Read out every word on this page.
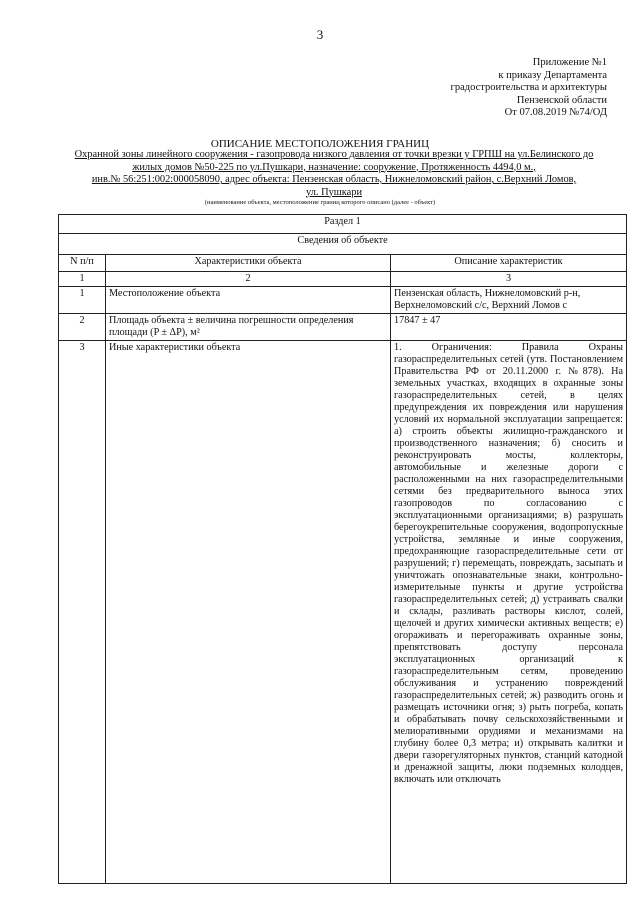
3
Приложение №1
к приказу Департамента
градостроительства и архитектуры
Пензенской области
От 07.08.2019 №74/ОД
ОПИСАНИЕ МЕСТОПОЛОЖЕНИЯ ГРАНИЦ
Охранной зоны линейного сооружения - газопровода низкого давления от точки врезки у ГРПШ на ул.Белинского до
жилых домов №50-225 по ул.Пушкари, назначение: сооружение, Протяженность 4494,0 м.,
инв.№ 56:251:002:000058090, адрес объекта: Пензенская область, Нижнеломовский район, с.Верхний Ломов,
ул. Пушкари
(наименование объекта, местоположение границ которого описано (далее - объект)
Раздел 1		
Сведения об объекте		
N п/п	Характеристики объекта	Описание характеристик
1	2	3
1	Местоположение объекта	Пензенская область, Нижнеломовский р-н, Верхнеломовский с/с, Верхний Ломов с
2	Площадь объекта ± величина погрешности определения площади (P ± ΔP), м²	17847 ± 47
3	Иные характеристики объекта	1. Ограничения: Правила Охраны газораспределительных сетей (утв. Постановлением Правительства РФ от 20.11.2000 г. №878). На земельных участках, входящих в охранные зоны газораспределительных сетей, в целях предупреждения их повреждения или нарушения условий их нормальной эксплуатации запрещается: а) строить объекты жилищно-гражданского и производственного назначения; б) сносить и реконструировать мосты, коллекторы, автомобильные и железные дороги с расположенными на них газораспределительными сетями без предварительного выноса этих газопроводов по согласованию с эксплуатационными организациями; в) разрушать берегоукрепительные сооружения, водопропускные устройства, земляные и иные сооружения, предохраняющие газораспределительные сети от разрушений; г) перемещать, повреждать, засыпать и уничтожать опознавательные знаки, контрольно-измерительные пункты и другие устройства газораспределительных сетей; д) устраивать свалки и склады, разливать растворы кислот, солей, щелочей и других химически активных веществ; е) огораживать и перегораживать охранные зоны, препятствовать доступу персонала эксплуатационных организаций к газораспределительным сетям, проведению обслуживания и устранению повреждений газораспределительных сетей; ж) разводить огонь и размещать источники огня; з) рыть погреба, копать и обрабатывать почву сельскохозяйственными и мелиоративными орудиями и механизмами на глубину более 0,3 метра; и) открывать калитки и двери газорегуляторных пунктов, станций катодной и дренажной защиты, люки подземных колодцев, включать или отключать
